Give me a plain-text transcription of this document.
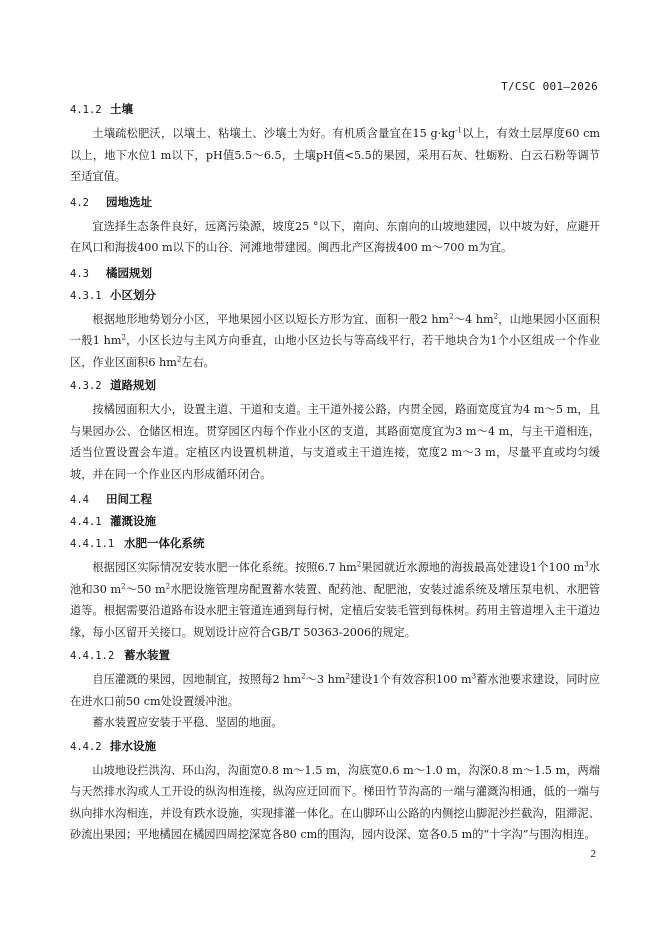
T/CSC 001—2026
4.1.2 土壤

土壤疏松肥沃，以壤土、粘壤土、沙壤土为好。有机质含量宜在15 $g\cdot kg^{-1}$以上，有效土层厚度60 cm以上，地下水位1 m以下，pH值5.5～6.5，土壤pH值<5.5的果园，采用石灰、牡蛎粉、白云石粉等调节至适宜值。

4.2	园地选址

宜选择生态条件良好，远离污染源，坡度25 °以下，南向、东南向的山坡地建园，以中坡为好，应避开在风口和海拔400 m以下的山谷、河滩地带建园。闽西北产区海拔400 m～700 m为宜。

4.3	橘园规划
4.3.1 小区划分

根据地形地势划分小区，平地果园小区以短长方形为宜、面积一般2 $hm^2\sim 4$ $hm^2$，山地果园小区面积一般1 $hm^2$，小区长边与主风方向垂直，山地小区边长与等高线平行，若干地块合为1个小区组成一个作业区，作业区面积6 $hm^2$左右。

4.3.2 道路规划

按橘园面积大小，设置主道、干道和支道。主干道外接公路，内贯全园，路面宽度宜为4 m～5 m，且与果园办公、仓储区相连。贯穿园区内每个作业小区的支道，其路面宽度宜为3 m～4 m，与主干道相连，适当位置设置会车道。定植区内设置机耕道，与支道或主干道连接，宽度2 m～3 m，尽量平直或均匀缓坡，并在同一个作业区内形成循环闭合。

4.4	田间工程
4.4.1 灌溉设施
4.4.1.1 水肥一体化系统

根据园区实际情况安装水肥一体化系统。按照6.7 $hm^2$果园就近水源地的海拔最高处建设1个100 $m^3$水池和30 $m^2\sim 50$ $m^2$水肥设施管理房配置蓄水装置、配药池、配肥池，安装过滤系统及增压泵电机、水肥管道等。根据需要沿道路布设水肥主管道连通到每行树，定植后安装毛管到每株树。药用主管道埋入主干道边缘，每小区留开关接口。规划设计应符合GB/T 50363-2006的规定。

4.4.1.2 蓄水装置

自压灌溉的果园，因地制宜，按照每2 $hm^2\sim 3$ $hm^2$建设1个有效容积100 $m^3$蓄水池要求建设，同时应在进水口前50 cm处设置缓冲池。

蓄水装置应安装于平稳、坚固的地面。

4.4.2 排水设施

山坡地设拦洪沟、环山沟，沟面宽0.8 m～1.5 m，沟底宽0.6 m～1.0 m，沟深0.8 m～1.5 m，两端与天然排水沟或人工开设的纵沟相连接，纵沟应迂回而下。梯田竹节沟高的一端与灌溉沟相通，低的一端与纵向排水沟相连，并设有跌水设施，实现排灌一体化。在山脚环山公路的内侧挖山脚泥沙拦截沟，阻滞泥、砂流出果园；平地橘园在橘园四周挖深宽各80 cm的围沟，园内设深、宽各0.5 m的“十字沟”与围沟相连。

2
